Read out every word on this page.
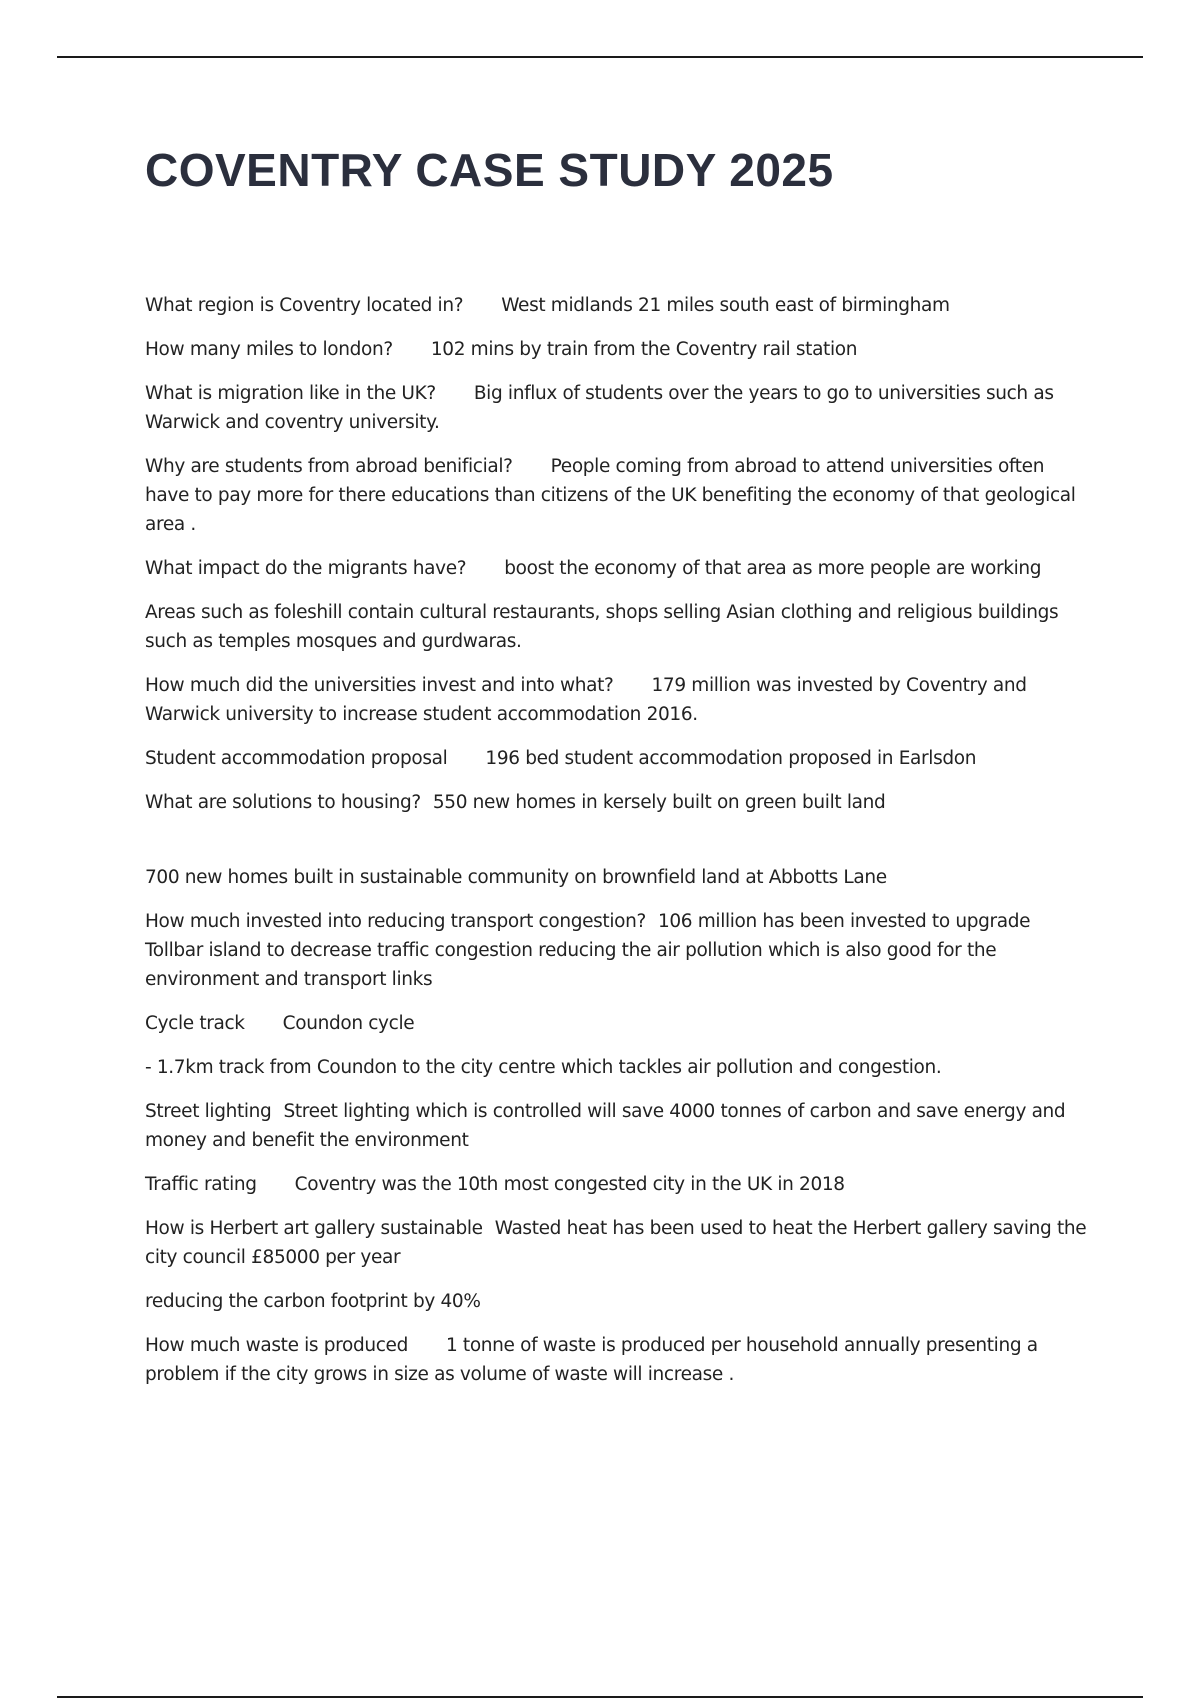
COVENTRY CASE STUDY 2025

What region is Coventry located in? West midlands 21 miles south east of birmingham

How many miles to london? 102 mins by train from the Coventry rail station

What is migration like in the UK? Big influx of students over the years to go to universities such as Warwick and coventry university.

Why are students from abroad benificial? People coming from abroad to attend universities often have to pay more for there educations than citizens of the UK benefiting the economy of that geological area .

What impact do the migrants have? boost the economy of that area as more people are working

Areas such as foleshill contain cultural restaurants, shops selling Asian clothing and religious buildings such as temples mosques and gurdwaras.

How much did the universities invest and into what? 179 million was invested by Coventry and Warwick university to increase student accommodation 2016.

Student accommodation proposal 196 bed student accommodation proposed in Earlsdon

What are solutions to housing? 550 new homes in kersely built on green built land

700 new homes built in sustainable community on brownfield land at Abbotts Lane

How much invested into reducing transport congestion? 106 million has been invested to upgrade Tollbar island to decrease traffic congestion reducing the air pollution which is also good for the environment and transport links

Cycle track Coundon cycle

- 1.7km track from Coundon to the city centre which tackles air pollution and congestion.

Street lighting Street lighting which is controlled will save 4000 tonnes of carbon and save energy and money and benefit the environment

Traffic rating Coventry was the 10th most congested city in the UK in 2018

How is Herbert art gallery sustainable Wasted heat has been used to heat the Herbert gallery saving the city council £85000 per year

reducing the carbon footprint by 40%

How much waste is produced 1 tonne of waste is produced per household annually presenting a problem if the city grows in size as volume of waste will increase .
